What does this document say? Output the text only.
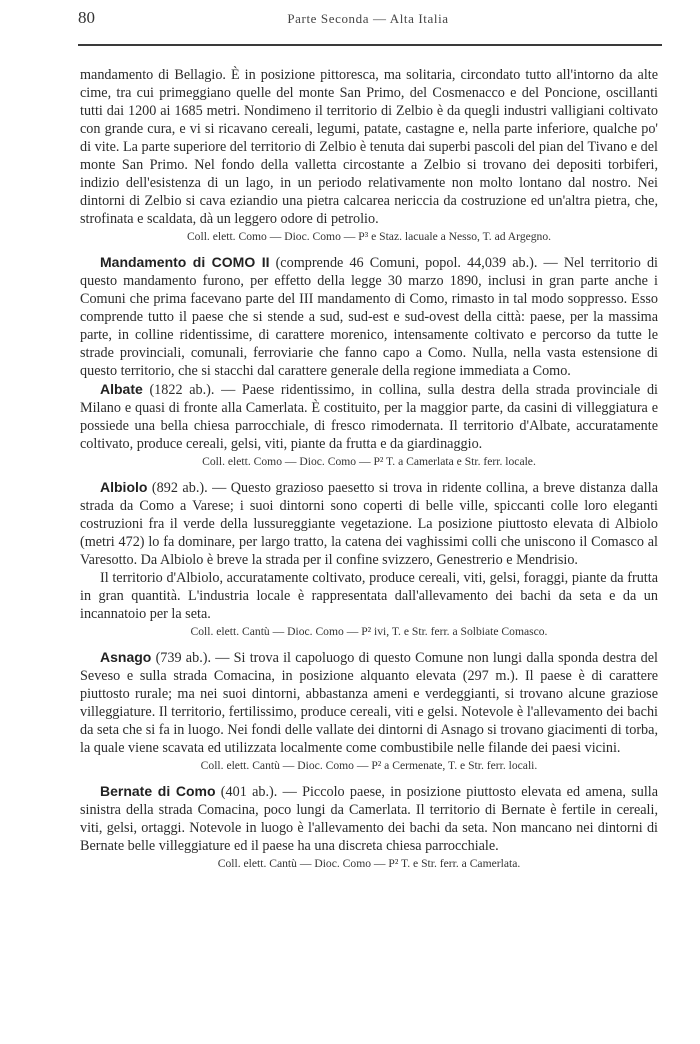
80	Parte Seconda — Alta Italia

mandamento di Bellagio. È in posizione pittoresca, ma solitaria, circondato tutto all'intorno da alte cime, tra cui primeggiano quelle del monte San Primo, del Cosmenacco e del Poncione, oscillanti tutti dai 1200 ai 1685 metri. Nondimeno il territorio di Zelbio è da quegli industri valligiani coltivato con grande cura, e vi si ricavano cereali, legumi, patate, castagne e, nella parte inferiore, qualche po' di vite. La parte superiore del territorio di Zelbio è tenuta dai superbi pascoli del pian del Tivano e del monte San Primo. Nel fondo della valletta circostante a Zelbio si trovano dei depositi torbiferi, indizio dell'esistenza di un lago, in un periodo relativamente non molto lontano dal nostro. Nei dintorni di Zelbio si cava eziandio una pietra calcarea nericcia da costruzione ed un'altra pietra, che, strofinata e scaldata, dà un leggero odore di petrolio.

Coll. elett. Como — Dioc. Como — P³ e Staz. lacuale a Nesso, T. ad Argegno.

Mandamento di COMO II (comprende 46 Comuni, popol. 44,039 ab.). — Nel territorio di questo mandamento furono, per effetto della legge 30 marzo 1890, inclusi in gran parte anche i Comuni che prima facevano parte del III mandamento di Como, rimasto in tal modo soppresso. Esso comprende tutto il paese che si stende a sud, sud-est e sud-ovest della città: paese, per la massima parte, in colline ridentissime, di carattere morenico, intensamente coltivato e percorso da tutte le strade provinciali, comunali, ferroviarie che fanno capo a Como. Nulla, nella vasta estensione di questo territorio, che si stacchi dal carattere generale della regione immediata a Como.

Albate (1822 ab.). — Paese ridentissimo, in collina, sulla destra della strada provinciale di Milano e quasi di fronte alla Camerlata. È costituito, per la maggior parte, da casini di villeggiatura e possiede una bella chiesa parrocchiale, di fresco rimodernata. Il territorio d'Albate, accuratamente coltivato, produce cereali, gelsi, viti, piante da frutta e da giardinaggio.

Coll. elett. Como — Dioc. Como — P² T. a Camerlata e Str. ferr. locale.

Albiolo (892 ab.). — Questo grazioso paesetto si trova in ridente collina, a breve distanza dalla strada da Como a Varese; i suoi dintorni sono coperti di belle ville, spiccanti colle loro eleganti costruzioni fra il verde della lussureggiante vegetazione. La posizione piuttosto elevata di Albiolo (metri 472) lo fa dominare, per largo tratto, la catena dei vaghissimi colli che uniscono il Comasco al Varesotto. Da Albiolo è breve la strada per il confine svizzero, Genestrerio e Mendrisio.

Il territorio d'Albiolo, accuratamente coltivato, produce cereali, viti, gelsi, foraggi, piante da frutta in gran quantità. L'industria locale è rappresentata dall'allevamento dei bachi da seta e da un incannatoio per la seta.

Coll. elett. Cantù — Dioc. Como — P² ivi, T. e Str. ferr. a Solbiate Comasco.

Asnago (739 ab.). — Si trova il capoluogo di questo Comune non lungi dalla sponda destra del Seveso e sulla strada Comacina, in posizione alquanto elevata (297 m.). Il paese è di carattere piuttosto rurale; ma nei suoi dintorni, abbastanza ameni e verdeggianti, si trovano alcune graziose villeggiature. Il territorio, fertilissimo, produce cereali, viti e gelsi. Notevole è l'allevamento dei bachi da seta che si fa in luogo. Nei fondi delle vallate dei dintorni di Asnago si trovano giacimenti di torba, la quale viene scavata ed utilizzata localmente come combustibile nelle filande dei paesi vicini.

Coll. elett. Cantù — Dioc. Como — P² a Cermenate, T. e Str. ferr. locali.

Bernate di Como (401 ab.). — Piccolo paese, in posizione piuttosto elevata ed amena, sulla sinistra della strada Comacina, poco lungi da Camerlata. Il territorio di Bernate è fertile in cereali, viti, gelsi, ortaggi. Notevole in luogo è l'allevamento dei bachi da seta. Non mancano nei dintorni di Bernate belle villeggiature ed il paese ha una discreta chiesa parrocchiale.

Coll. elett. Cantù — Dioc. Como — P² T. e Str. ferr. a Camerlata.
